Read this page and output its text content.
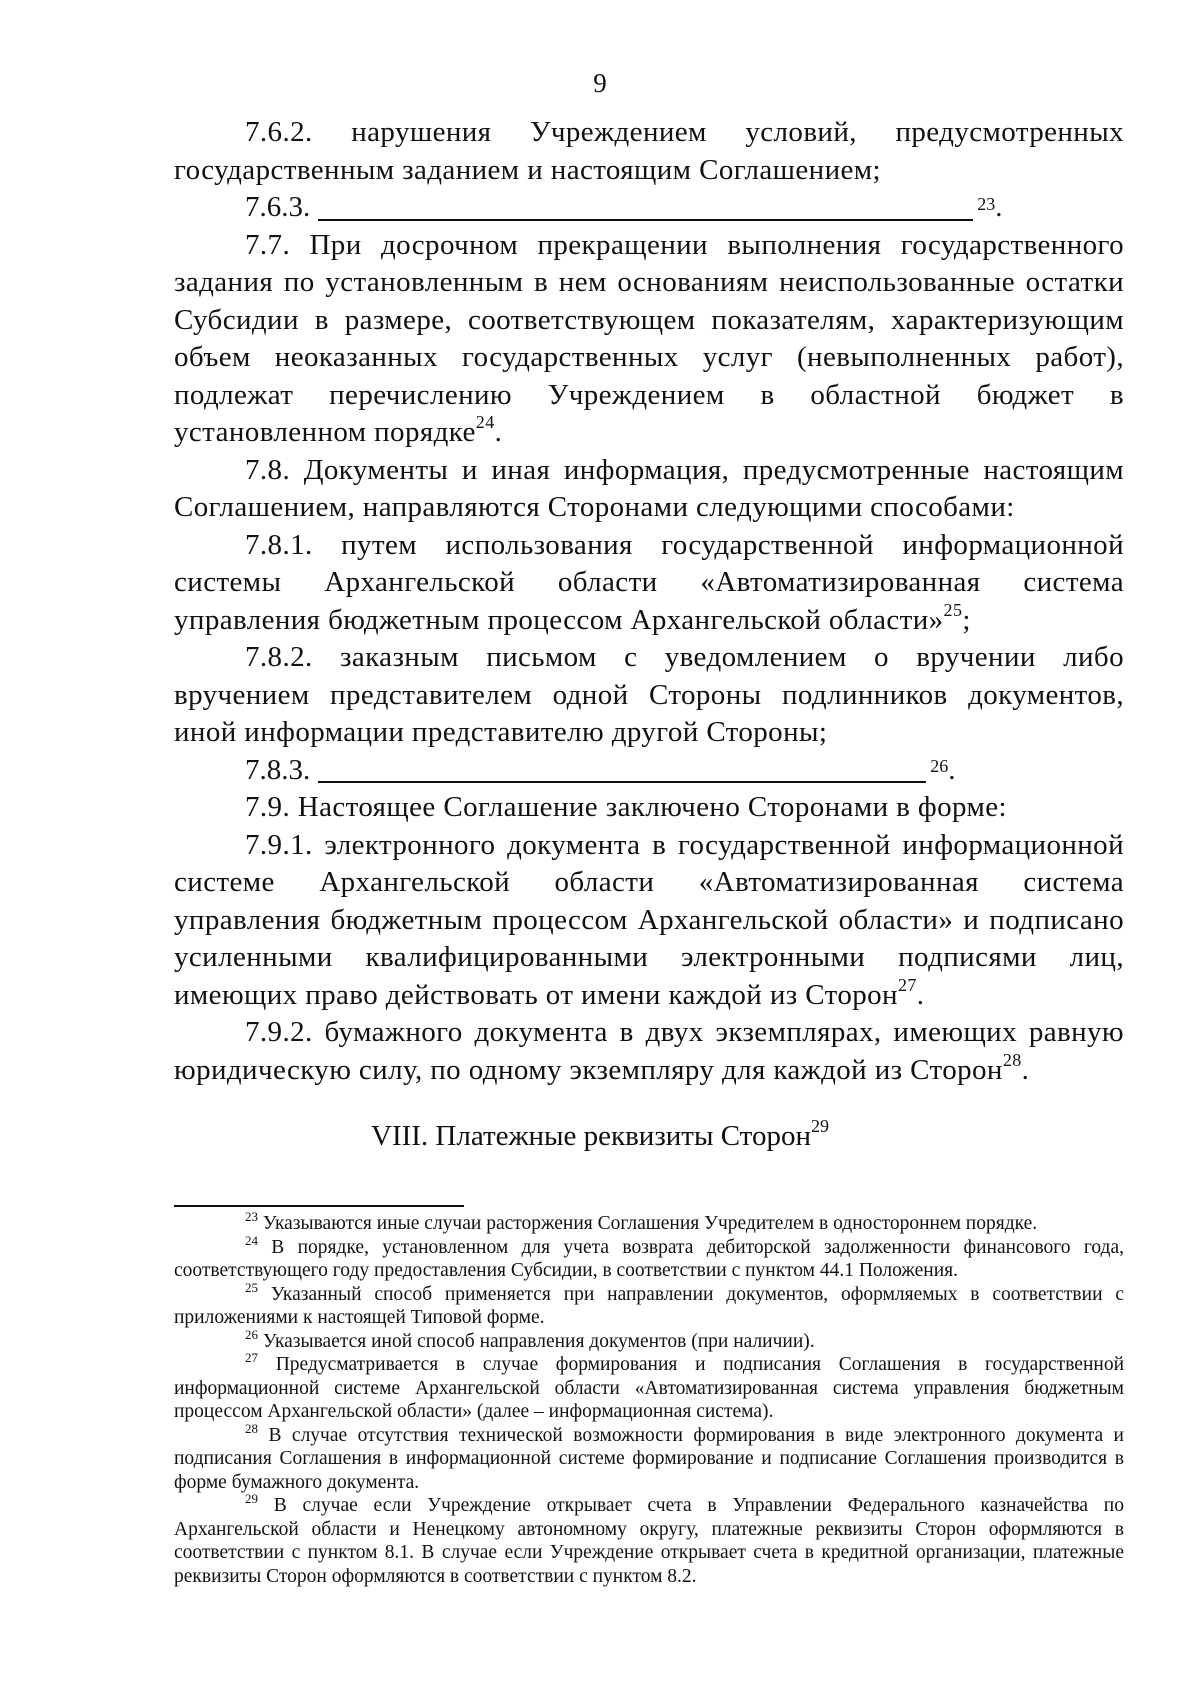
9

7.6.2. нарушения Учреждением условий, предусмотренных государственным заданием и настоящим Соглашением;

7.6.3.	23 .

7.7. При досрочном прекращении выполнения государственного задания по установленным в нем основаниям неиспользованные остатки Субсидии в размере, соответствующем показателям, характеризующим объем неоказанных государственных услуг (невыполненных работ), подлежат перечислению Учреждением в областной бюджет в установленном порядке$^{24}$.

7.8. Документы и иная информация, предусмотренные настоящим Соглашением, направляются Сторонами следующими способами:

7.8.1. путем использования государственной информационной системы Архангельской области «Автоматизированная система управления бюджетным процессом Архангельской области»$^{25}$;

7.8.2. заказным письмом с уведомлением о вручении либо вручением представителем одной Стороны подлинников документов, иной информации представителю другой Стороны;

7.8.3.	26 .

7.9. Настоящее Соглашение заключено Сторонами в форме:

7.9.1. электронного документа в государственной информационной системе Архангельской области «Автоматизированная система управления бюджетным процессом Архангельской области» и подписано усиленными квалифицированными электронными подписями лиц, имеющих право действовать от имени каждой из Сторон$^{27}$.

7.9.2. бумажного документа в двух экземплярах, имеющих равную юридическую силу, по одному экземпляру для каждой из Сторон$^{28}$.

VIII. Платежные реквизиты Сторон$^{29}$

$^{23}$ Указываются иные случаи расторжения Соглашения Учредителем в одностороннем порядке.

$^{24}$ В порядке, установленном для учета возврата дебиторской задолженности финансового года, соответствующего году предоставления Субсидии, в соответствии с пунктом 44.1 Положения.

$^{25}$ Указанный способ применяется при направлении документов, оформляемых в соответствии с приложениями к настоящей Типовой форме.

$^{26}$ Указывается иной способ направления документов (при наличии).

$^{27}$ Предусматривается в случае формирования и подписания Соглашения в государственной информационной системе Архангельской области «Автоматизированная система управления бюджетным процессом Архангельской области» (далее – информационная система).

$^{28}$ В случае отсутствия технической возможности формирования в виде электронного документа и подписания Соглашения в информационной системе формирование и подписание Соглашения производится в форме бумажного документа.

$^{29}$ В случае если Учреждение открывает счета в Управлении Федерального казначейства по Архангельской области и Ненецкому автономному округу, платежные реквизиты Сторон оформляются в соответствии с пунктом 8.1. В случае если Учреждение открывает счета в кредитной организации, платежные реквизиты Сторон оформляются в соответствии с пунктом 8.2.
